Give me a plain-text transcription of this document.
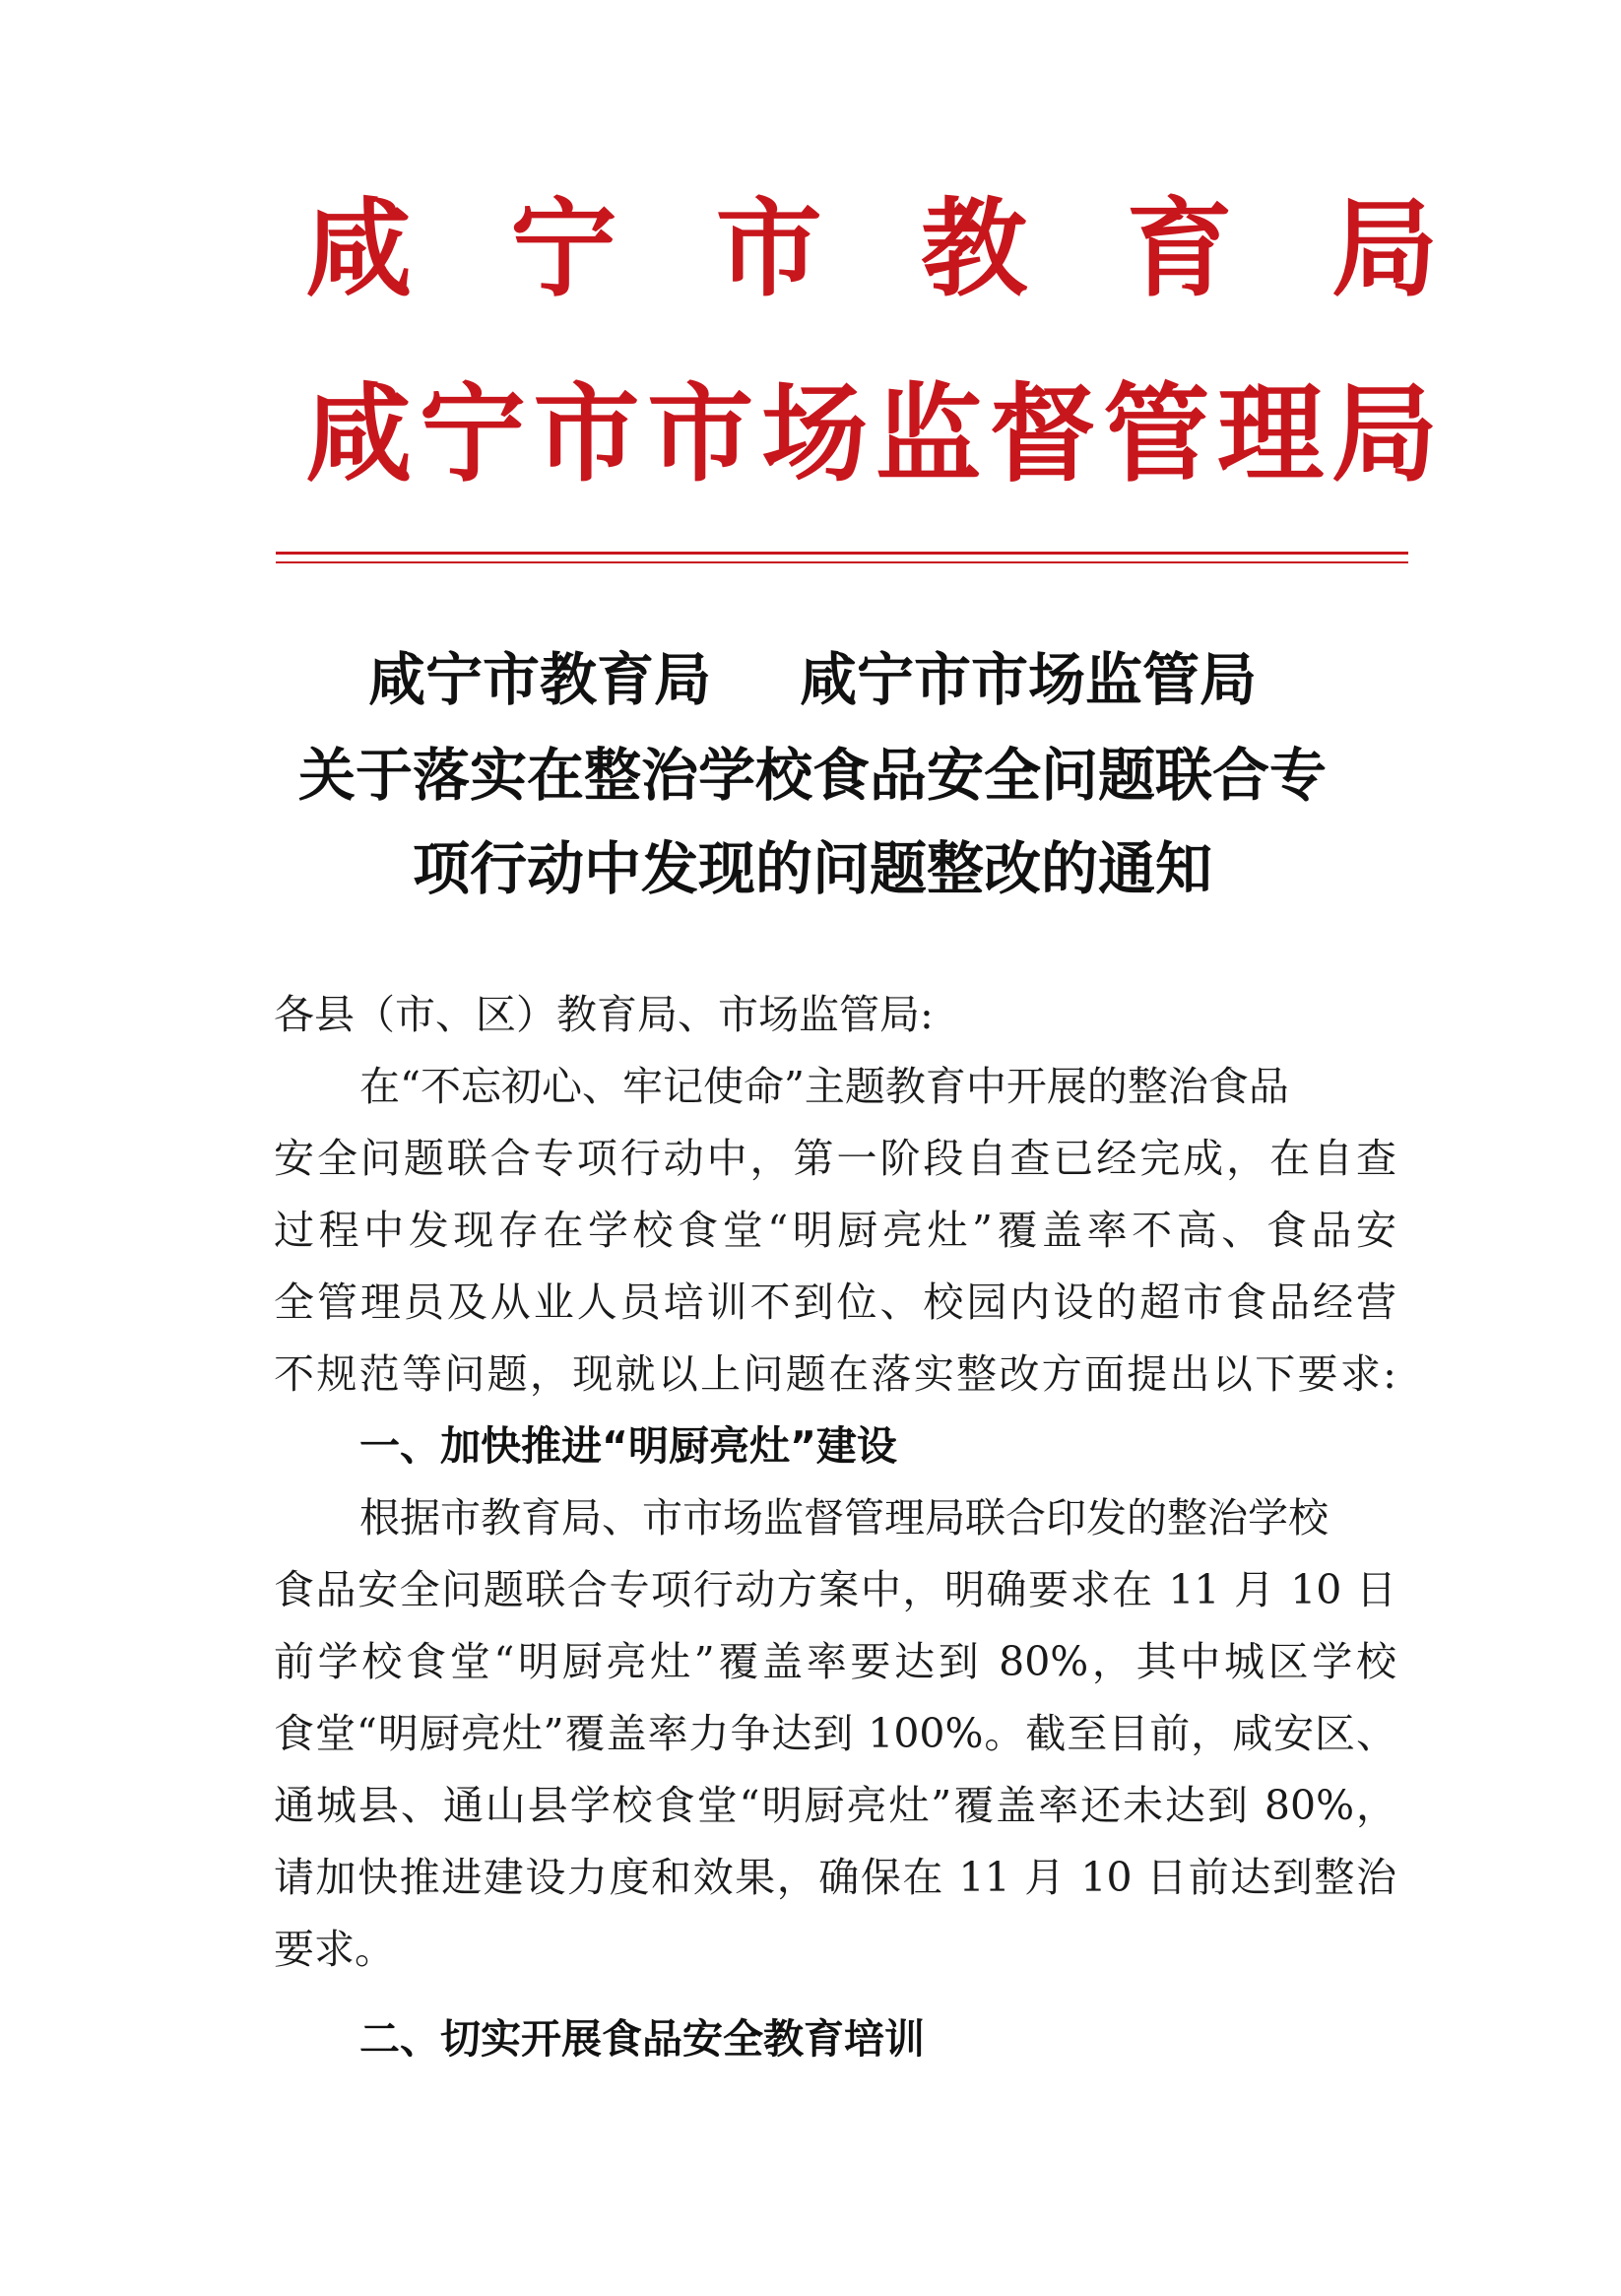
咸 宁 市 教 育 局
咸 宁 市 市 场 监 督 管 理 局
咸宁市教育局 咸宁市市场监管局
关于落实在整治学校食品安全问题联合专
项行动中发现的问题整改的通知
各县（市、区）教育局、市场监管局:
在“不忘初心、牢记使命”主题教育中开展的整治食品
安全问题联合专项行动中，第一阶段自查已经完成，在自查
过程中发现存在学校食堂“明厨亮灶”覆盖率不高、食品安
全管理员及从业人员培训不到位、校园内设的超市食品经营
不规范等问题，现就以上问题在落实整改方面提出以下要求:
一、加快推进“明厨亮灶”建设
根据市教育局、市市场监督管理局联合印发的整治学校
食品安全问题联合专项行动方案中，明确要求在 11 月 10 日
前学校食堂“明厨亮灶”覆盖率要达到 80%，其中城区学校
食堂“明厨亮灶”覆盖率力争达到 100%。截至目前，咸安区、
通城县、通山县学校食堂“明厨亮灶”覆盖率还未达到 80%，
请加快推进建设力度和效果，确保在 11 月 10 日前达到整治
要求。
二、切实开展食品安全教育培训
